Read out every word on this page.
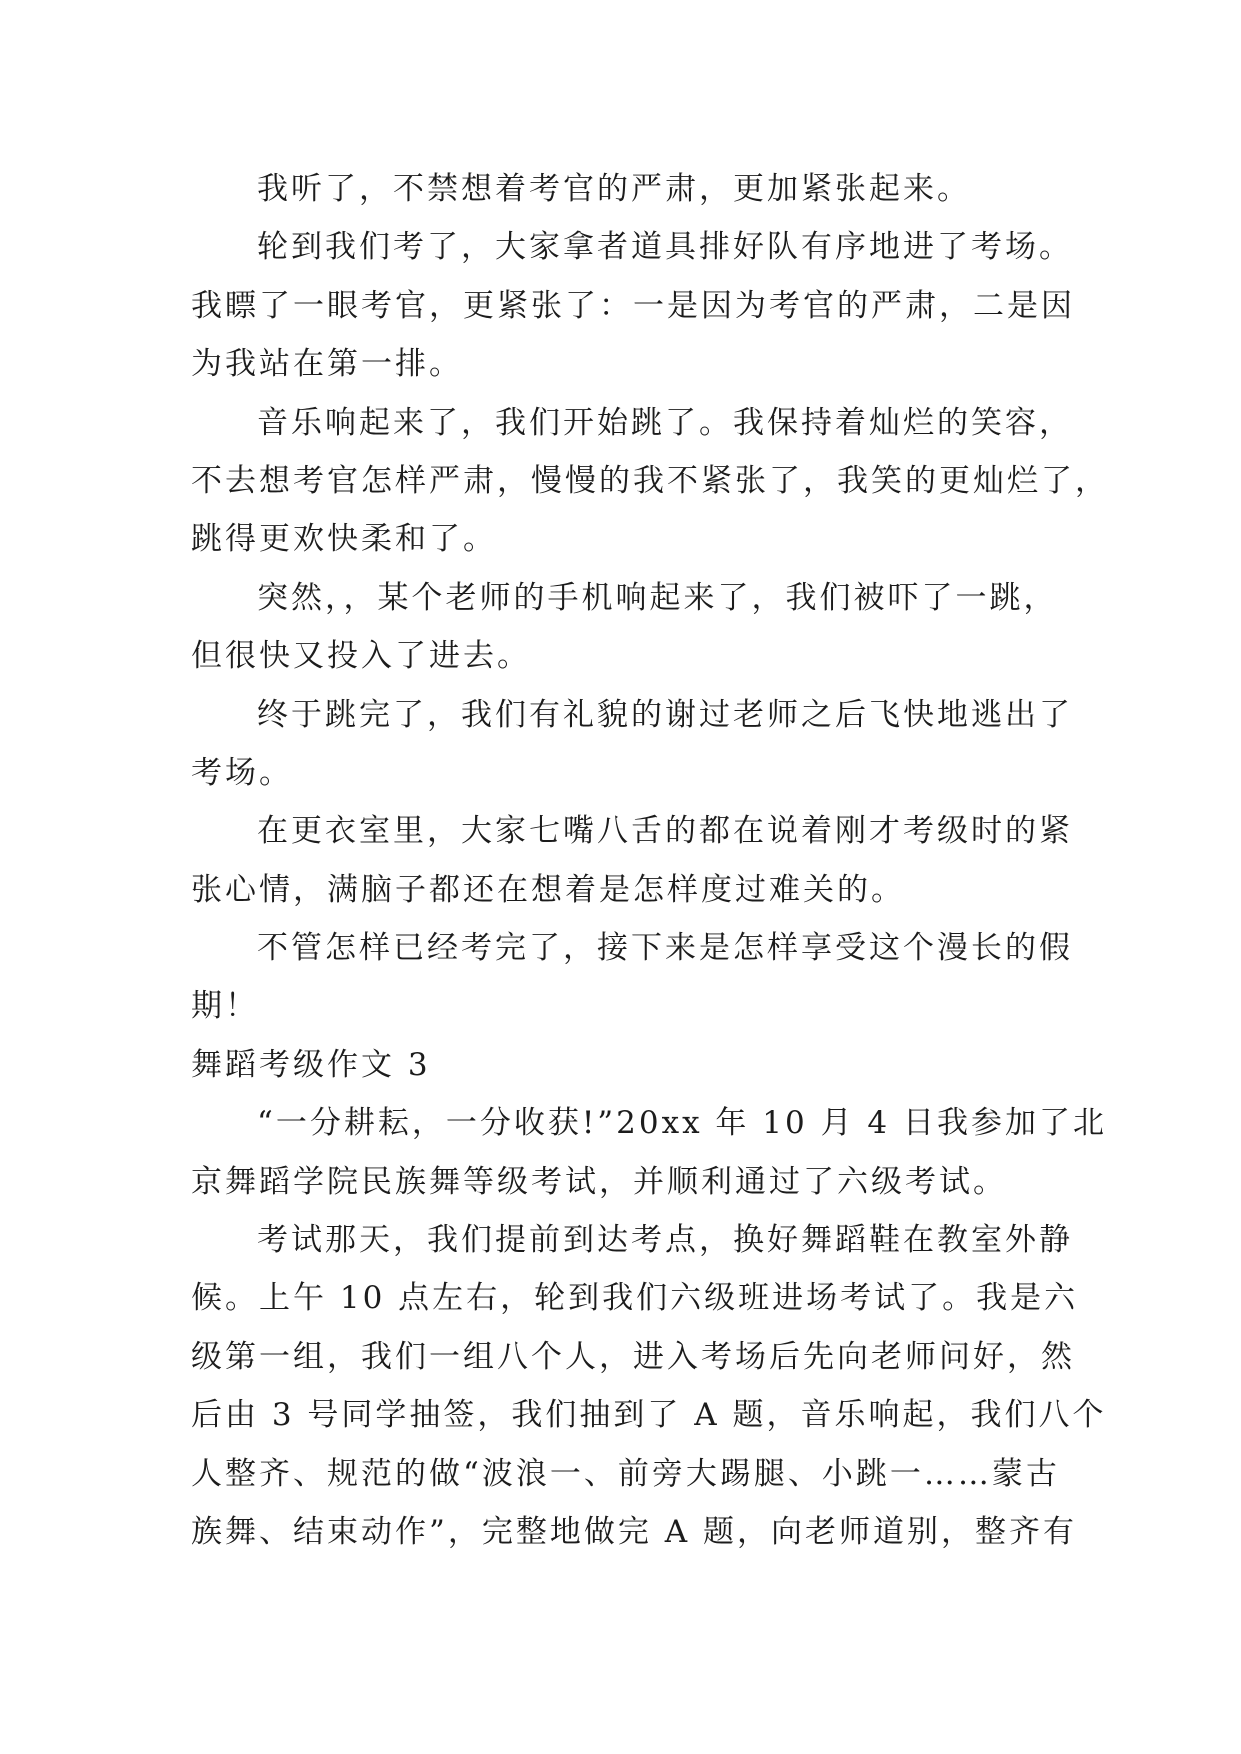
我听了，不禁想着考官的严肃，更加紧张起来。
轮到我们考了，大家拿者道具排好队有序地进了考场。
我瞟了一眼考官，更紧张了：一是因为考官的严肃，二是因
为我站在第一排。
音乐响起来了，我们开始跳了。我保持着灿烂的笑容，
不去想考官怎样严肃，慢慢的我不紧张了，我笑的更灿烂了，
跳得更欢快柔和了。
突然，，某个老师的手机响起来了，我们被吓了一跳，
但很快又投入了进去。
终于跳完了，我们有礼貌的谢过老师之后飞快地逃出了
考场。
在更衣室里，大家七嘴八舌的都在说着刚才考级时的紧
张心情，满脑子都还在想着是怎样度过难关的。
不管怎样已经考完了，接下来是怎样享受这个漫长的假
期！
舞蹈考级作文 3
“一分耕耘，一分收获!”20xx 年 10 月 4 日我参加了北
京舞蹈学院民族舞等级考试，并顺利通过了六级考试。
考试那天，我们提前到达考点，换好舞蹈鞋在教室外静
候。上午 10 点左右，轮到我们六级班进场考试了。我是六
级第一组，我们一组八个人，进入考场后先向老师问好，然
后由 3 号同学抽签，我们抽到了 A 题，音乐响起，我们八个
人整齐、规范的做“波浪一、前旁大踢腿、小跳一……蒙古
族舞、结束动作”，完整地做完 A 题，向老师道别，整齐有
